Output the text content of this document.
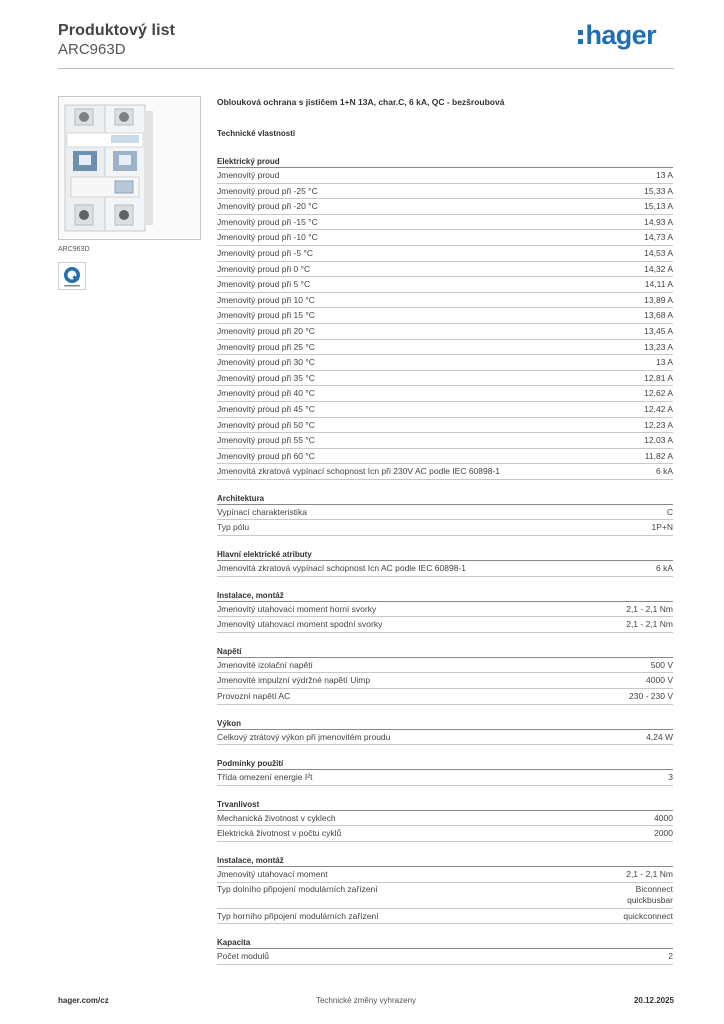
Produktový list
ARC963D	hager
ARC963D
Oblouková ochrana s jističem 1+N 13A, char.C, 6 kA, QC - bezšroubová
Technické vlastnosti
Elektrický proud
Jmenovitý proud	13 A
Jmenovitý proud při -25 °C	15,33 A
Jmenovitý proud při -20 °C	15,13 A
Jmenovitý proud při -15 °C	14,93 A
Jmenovitý proud při -10 °C	14,73 A
Jmenovitý proud při -5 °C	14,53 A
Jmenovitý proud při 0 °C	14,32 A
Jmenovitý proud při 5 °C	14,11 A
Jmenovitý proud při 10 °C	13,89 A
Jmenovitý proud při 15 °C	13,68 A
Jmenovitý proud při 20 °C	13,45 A
Jmenovitý proud při 25 °C	13,23 A
Jmenovitý proud při 30 °C	13 A
Jmenovitý proud při 35 °C	12,81 A
Jmenovitý proud při 40 °C	12,62 A
Jmenovitý proud při 45 °C	12,42 A
Jmenovitý proud při 50 °C	12,23 A
Jmenovitý proud při 55 °C	12,03 A
Jmenovitý proud při 60 °C	11,82 A
Jmenovitá zkratová vypínací schopnost Icn při 230V AC podle IEC 60898-1	6 kA
Architektura
Vypínací charakteristika	C
Typ pólu	1P+N
Hlavní elektrické atributy
Jmenovitá zkratová vypínací schopnost Icn AC podle IEC 60898-1	6 kA
Instalace, montáž
Jmenovitý utahovací moment horní svorky	2,1 - 2,1 Nm
Jmenovitý utahovací moment spodní svorky	2,1 - 2,1 Nm
Napětí
Jmenovité izolační napětí	500 V
Jmenovité impulzní výdržné napětí Uimp	4000 V
Provozní napětí AC	230 - 230 V
Výkon
Celkový ztrátový výkon při jmenovitém proudu	4,24 W
Podmínky použití
Třída omezení energie I²t	3
Trvanlivost
Mechanická životnost v cyklech	4000
Elektrická životnost v počtu cyklů	2000
Instalace, montáž
Jmenovitý utahovací moment	2,1 - 2,1 Nm
Typ dolního připojení modulárních zařízení	Biconnect
quickbusbar
Typ horního připojení modulárních zařízení	quickconnect
Kapacita
Počet modulů	2
hager.com/cz	Technické změny vyhrazeny	20.12.2025
